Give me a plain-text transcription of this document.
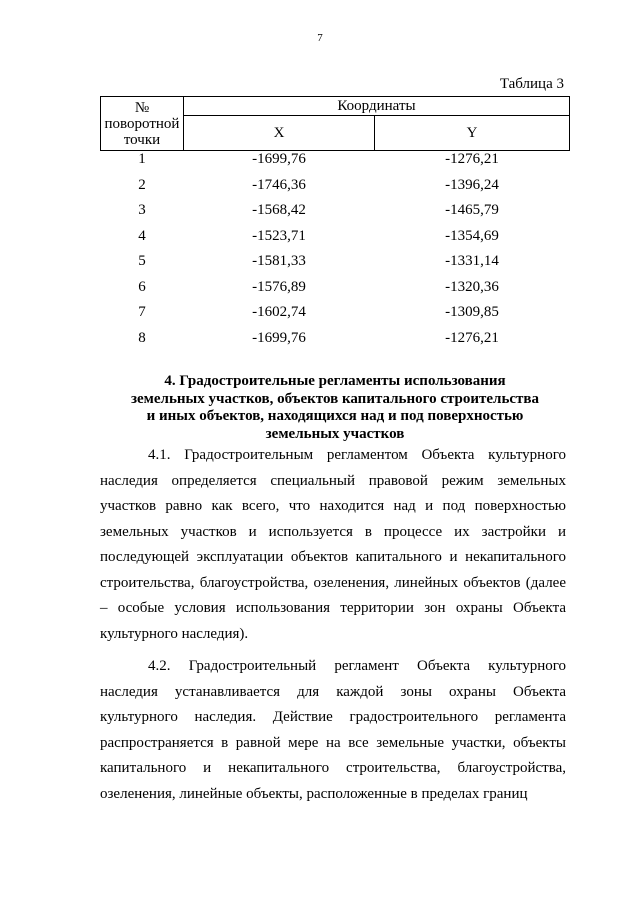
7
Таблица 3
№
поворотной
точки	Координаты	
	X	Y
1	-1699,76	-1276,21
2	-1746,36	-1396,24
3	-1568,42	-1465,79
4	-1523,71	-1354,69
5	-1581,33	-1331,14
6	-1576,89	-1320,36
7	-1602,74	-1309,85
8	-1699,76	-1276,21
4. Градостроительные регламенты использования
земельных участков, объектов капитального строительства
и иных объектов, находящихся над и под поверхностью
земельных участков
4.1. Градостроительным регламентом Объекта культурного наследия определяется специальный правовой режим земельных участков равно как всего, что находится над и под поверхностью земельных участков и используется в процессе их застройки и последующей эксплуатации объектов капитального и некапитального строительства, благоустройства, озеленения, линейных объектов (далее – особые условия использования территории зон охраны Объекта культурного наследия).
4.2. Градостроительный регламент Объекта культурного наследия устанавливается для каждой зоны охраны Объекта культурного наследия. Действие градостроительного регламента распространяется в равной мере на все земельные участки, объекты капитального и некапитального строительства, благоустройства, озеленения, линейные объекты, расположенные в пределах границ
